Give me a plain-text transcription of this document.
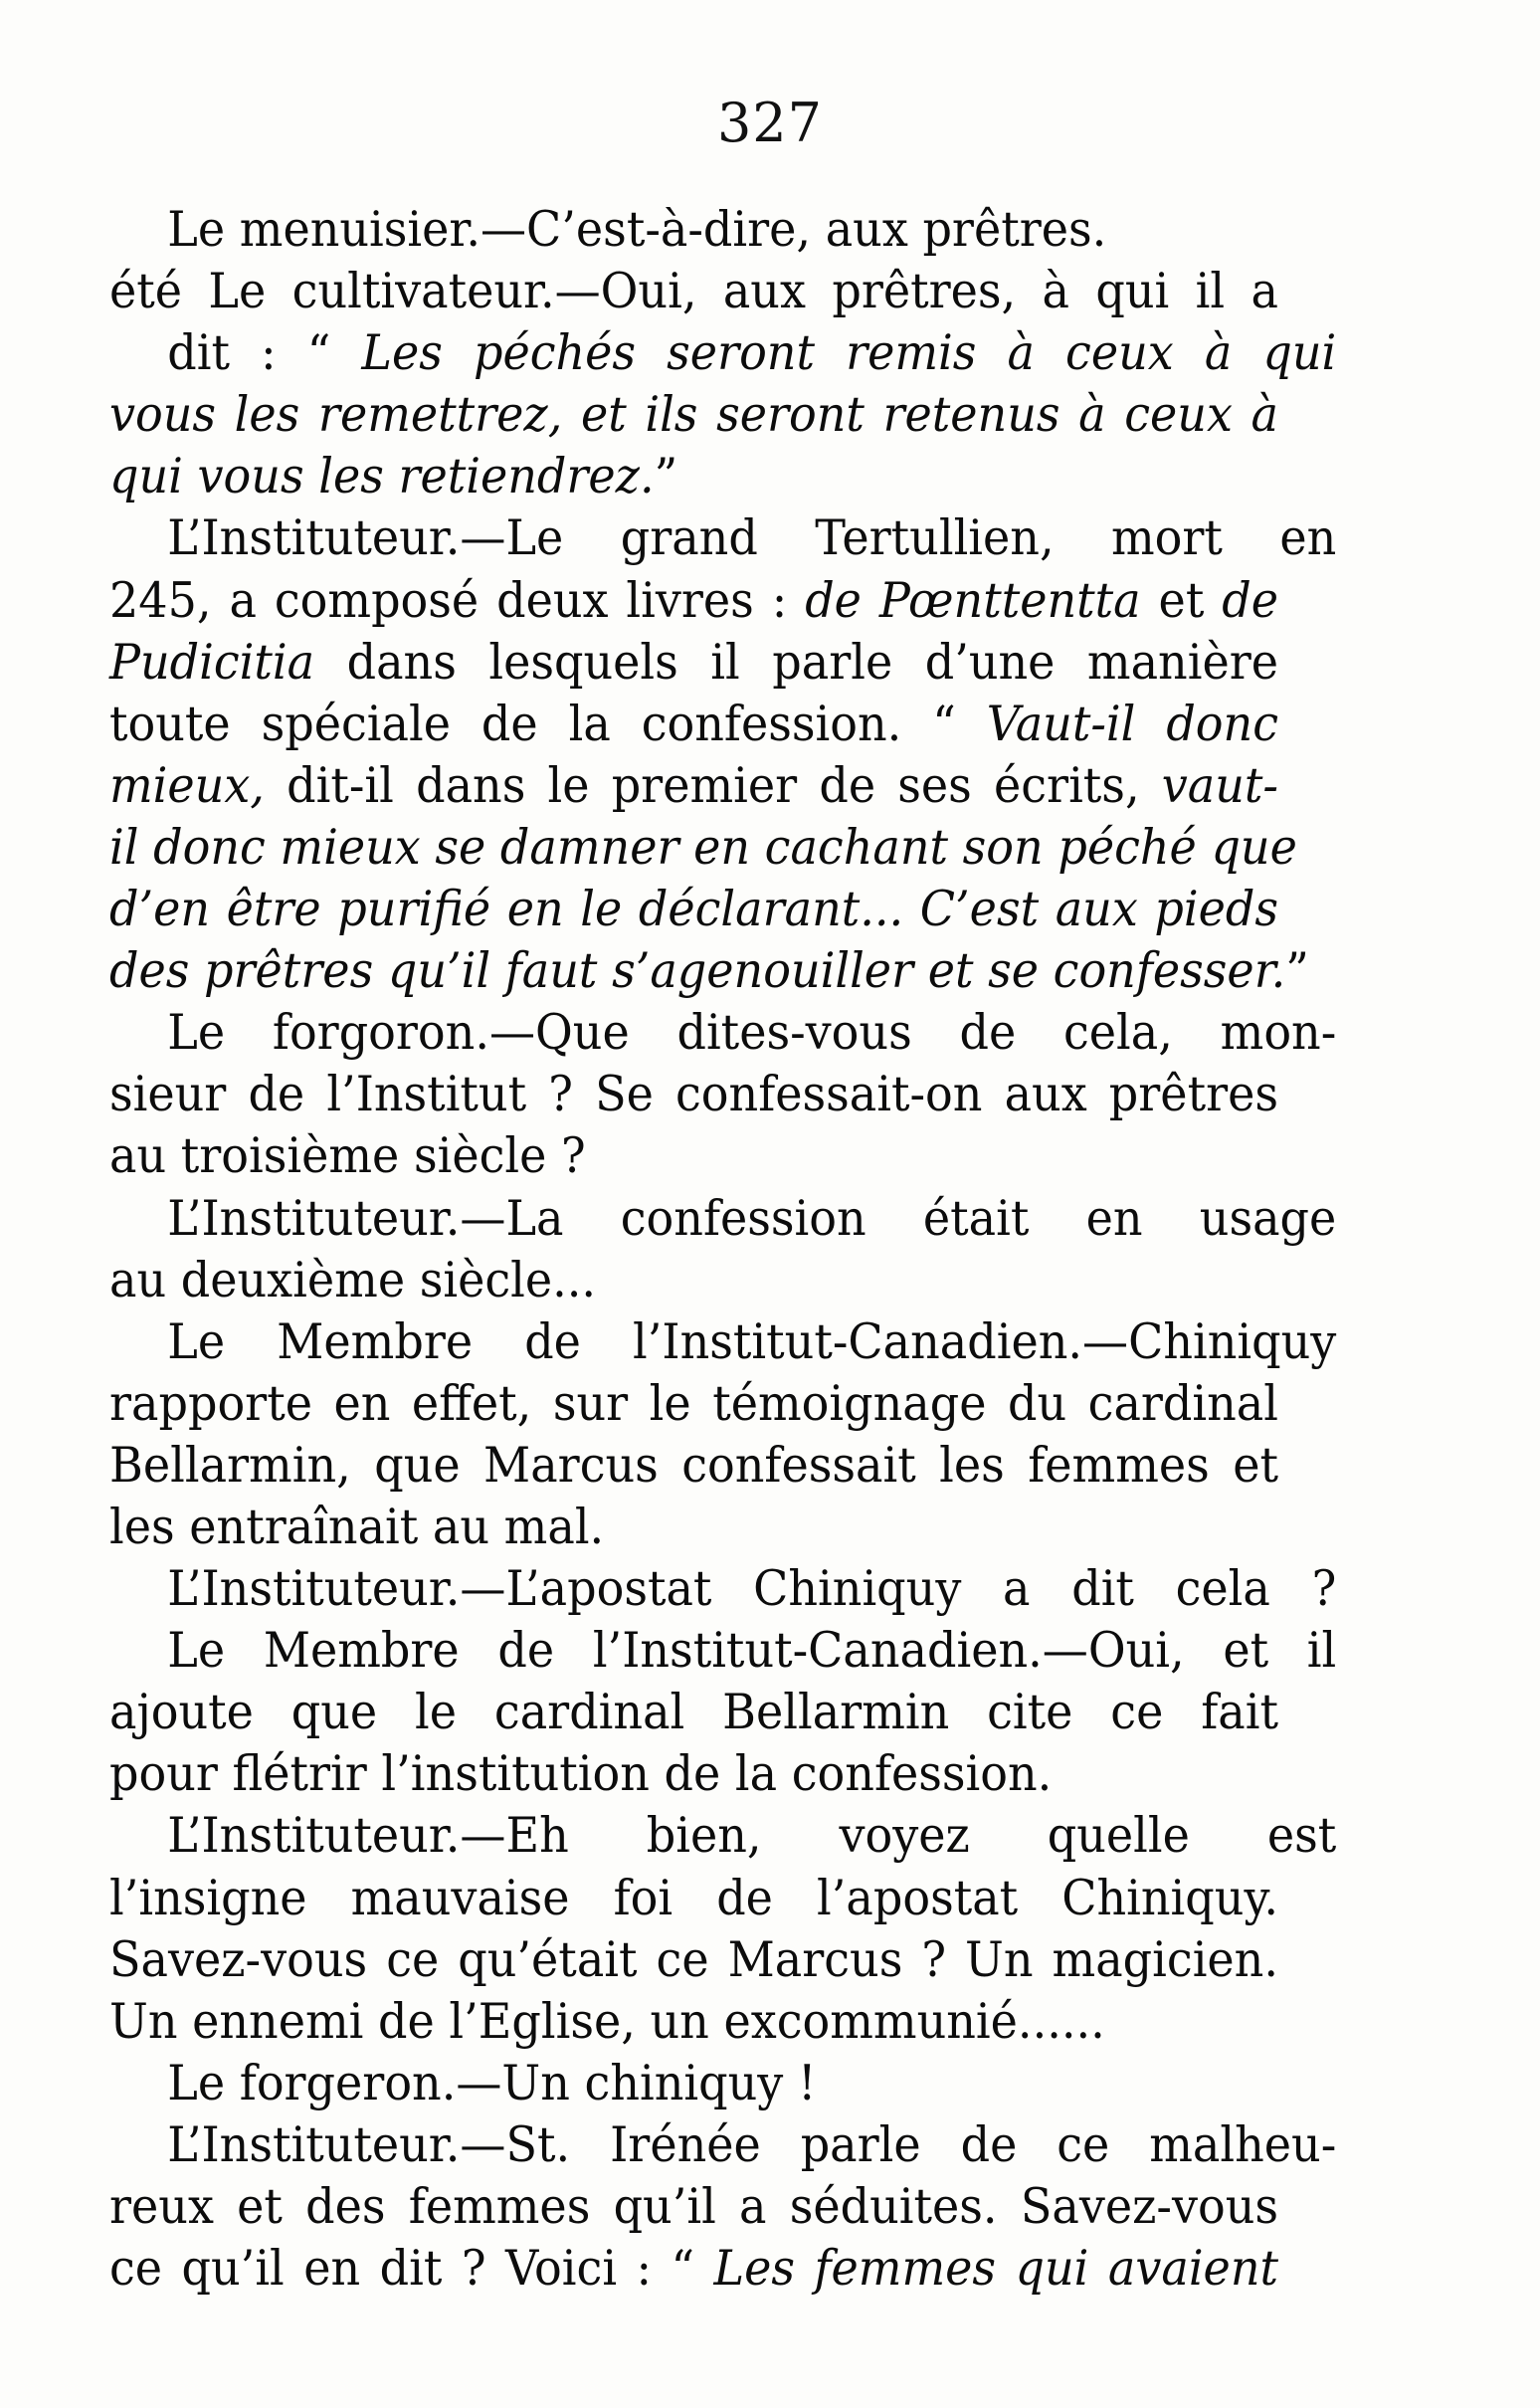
327
Le menuisier.—C’est-à-dire, aux prêtres.
été Le cultivateur.—Oui, aux prêtres, à qui il a
dit : “ Les péchés seront remis à ceux à qui
vous les remettrez, et ils seront retenus à ceux à
qui vous les retiendrez.”
L’Instituteur.—Le grand Tertullien, mort en
245, a composé deux livres : de Pœnttentta et de
Pudicitia dans lesquels il parle d’une manière
toute spéciale de la confession. “ Vaut-il donc
mieux, dit-il dans le premier de ses écrits, vaut-
il donc mieux se damner en cachant son péché que
d’en être purifié en le déclarant... C’est aux pieds
des prêtres qu’il faut s’agenouiller et se confesser.”
Le forgoron.—Que dites-vous de cela, mon-
sieur de l’Institut ? Se confessait-on aux prêtres
au troisième siècle ?
L’Instituteur.—La confession était en usage
au deuxième siècle...
Le Membre de l’Institut-Canadien.—Chiniquy
rapporte en effet, sur le témoignage du cardinal
Bellarmin, que Marcus confessait les femmes et
les entraînait au mal.
L’Instituteur.—L’apostat Chiniquy a dit cela ?
Le Membre de l’Institut-Canadien.—Oui, et il
ajoute que le cardinal Bellarmin cite ce fait
pour flétrir l’institution de la confession.
L’Instituteur.—Eh bien, voyez quelle est
l’insigne mauvaise foi de l’apostat Chiniquy.
Savez-vous ce qu’était ce Marcus ? Un magicien.
Un ennemi de l’Eglise, un excommunié......
Le forgeron.—Un chiniquy !
L’Instituteur.—St. Irénée parle de ce malheu-
reux et des femmes qu’il a séduites. Savez-vous
ce qu’il en dit ? Voici : “ Les femmes qui avaient
